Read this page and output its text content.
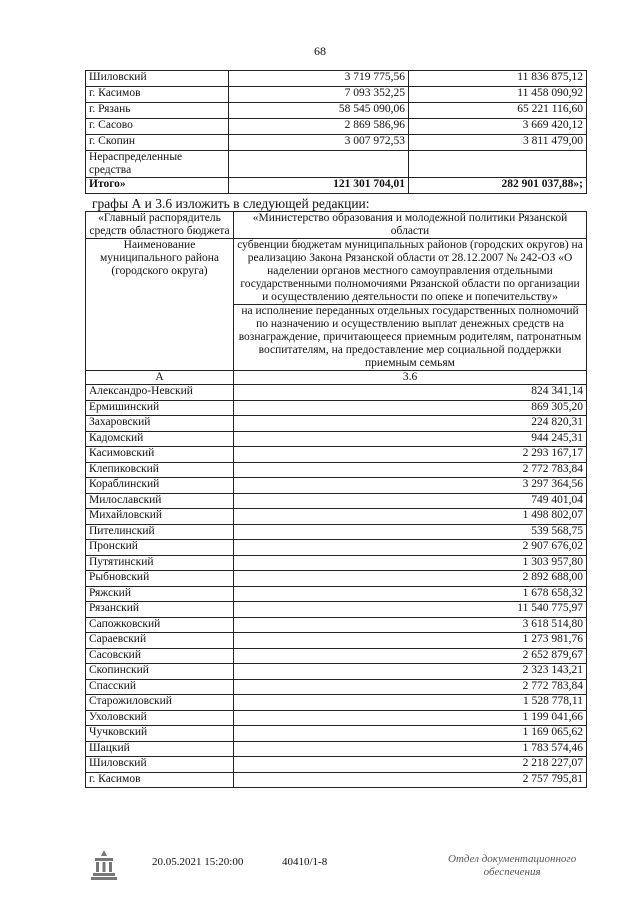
68
Шиловский	3 719 775,56	11 836 875,12
г. Касимов	7 093 352,25	11 458 090,92
г. Рязань	58 545 090,06	65 221 116,60
г. Сасово	2 869 586,96	3 669 420,12
г. Скопин	3 007 972,53	3 811 479,00
Нераспределенные средства		
Итого»	121 301 704,01	282 901 037,88»;
графы А и 3.6 изложить в следующей редакции:
«Главный распорядитель средств областного бюджета	«Министерство образования и молодежной политики Рязанской области
Наименование муниципального района (городского округа)	субвенции бюджетам муниципальных районов (городских округов) на реализацию Закона Рязанской области от 28.12.2007 № 242-ОЗ «О наделении органов местного самоуправления отдельными государственными полномочиями Рязанской области по организации и осуществлению деятельности по опеке и попечительству»
	на исполнение переданных отдельных государственных полномочий по назначению и осуществлению выплат денежных средств на вознаграждение, причитающееся приемным родителям, патронатным воспитателям, на предоставление мер социальной поддержки приемным семьям
А	3.6
Александро-Невский	824 341,14
Ермишинский	869 305,20
Захаровский	224 820,31
Кадомский	944 245,31
Касимовский	2 293 167,17
Клепиковский	2 772 783,84
Кораблинский	3 297 364,56
Милославский	749 401,04
Михайловский	1 498 802,07
Пителинский	539 568,75
Пронский	2 907 676,02
Путятинский	1 303 957,80
Рыбновский	2 892 688,00
Ряжский	1 678 658,32
Рязанский	11 540 775,97
Сапожковский	3 618 514,80
Сараевский	1 273 981,76
Сасовский	2 652 879,67
Скопинский	2 323 143,21
Спасский	2 772 783,84
Старожиловский	1 528 778,11
Ухоловский	1 199 041,66
Чучковский	1 169 065,62
Шацкий	1 783 574,46
Шиловский	2 218 227,07
г. Касимов	2 757 795,81
20.05.2021 15:20:00	40410/1-8	Отдел документационного
обеспечения
